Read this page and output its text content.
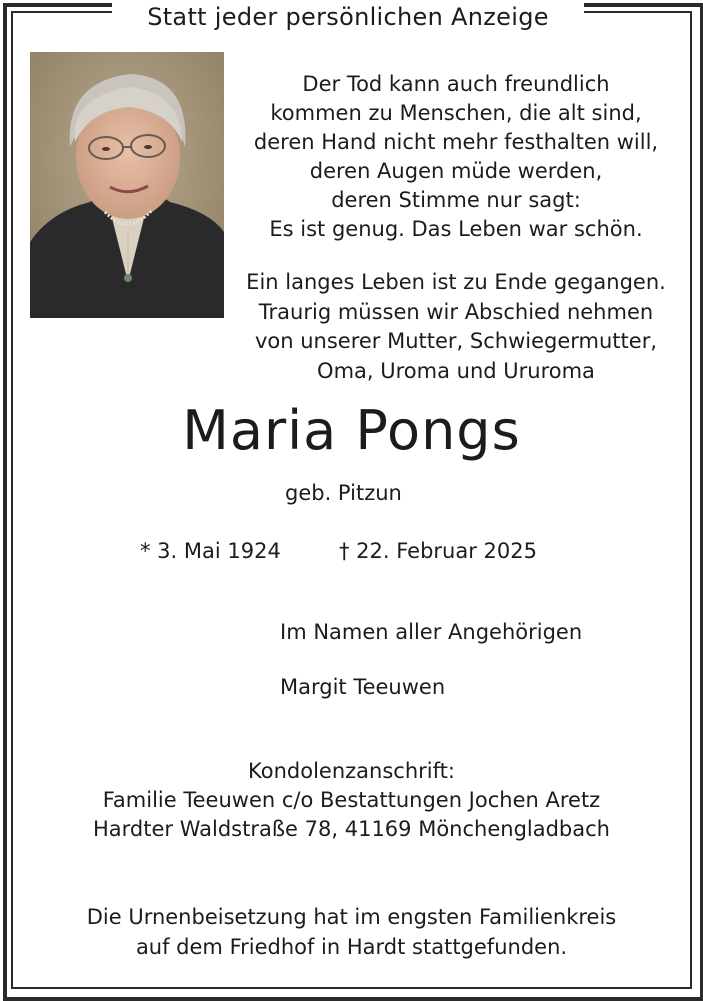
Statt jeder persönlichen Anzeige
Der Tod kann auch freundlich
kommen zu Menschen, die alt sind,
deren Hand nicht mehr festhalten will,
deren Augen müde werden,
deren Stimme nur sagt:
Es ist genug. Das Leben war schön.
Ein langes Leben ist zu Ende gegangen.
Traurig müssen wir Abschied nehmen
von unserer Mutter, Schwiegermutter,
Oma, Uroma und Ururoma
Maria Pongs
geb. Pitzun
* 3. Mai 1924	† 22. Februar 2025
Im Namen aller Angehörigen
Margit Teeuwen
Kondolenzanschrift:
Familie Teeuwen c/o Bestattungen Jochen Aretz
Hardter Waldstraße 78, 41169 Mönchengladbach
Die Urnenbeisetzung hat im engsten Familienkreis
auf dem Friedhof in Hardt stattgefunden.
